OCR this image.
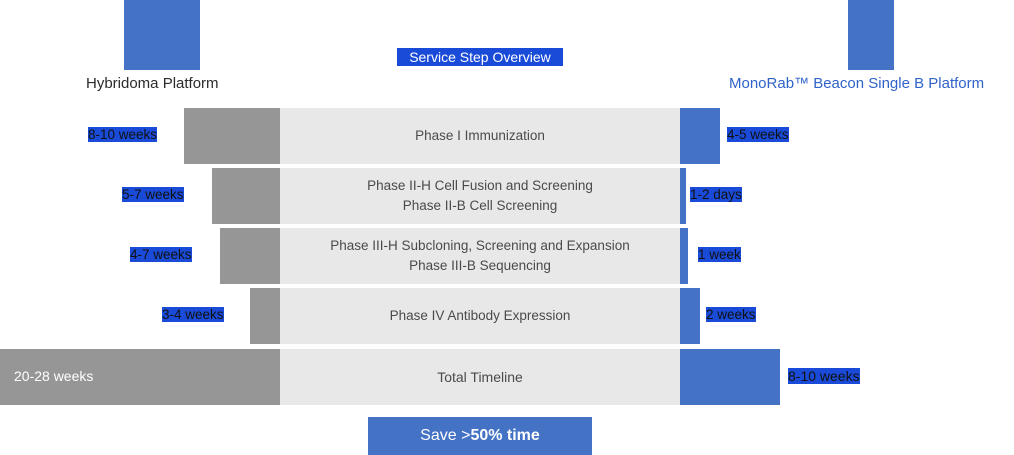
Service Step Overview
Hybridoma Platform	MonoRab™ Beacon Single B Platform
Phase I Immunization
8-10 weeks	4-5 weeks
Phase II-H Cell Fusion and Screening
Phase II-B Cell Screening
5-7 weeks	1-2 days
Phase III-H Subcloning, Screening and Expansion
Phase III-B Sequencing
4-7 weeks	1 week
Phase IV Antibody Expression
3-4 weeks	2 weeks
20-28 weeks	Total Timeline	8-10 weeks
Save > 50% time
